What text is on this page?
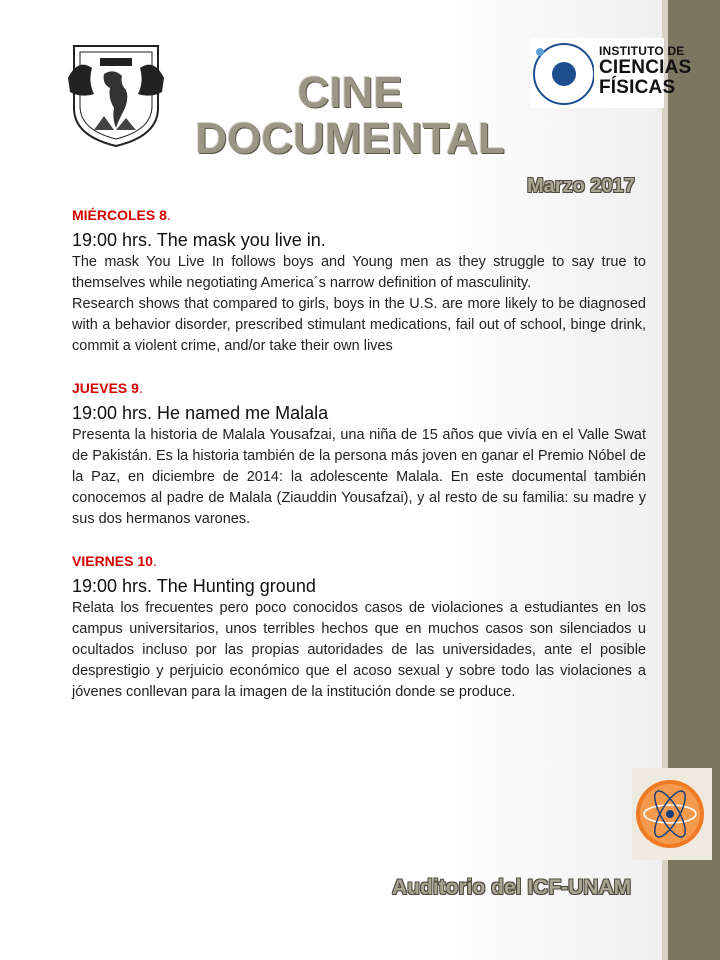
INSTITUTO DE
CIENCIAS
FÍSICAS
CINE
DOCUMENTAL
Marzo 2017
MIÉRCOLES 8.
19:00 hrs. The mask you live in.

The mask You Live In follows boys and Young men as they struggle to say true to themselves while negotiating America´s narrow definition of masculinity.

Research shows that compared to girls, boys in the U.S. are more likely to be diagnosed with a behavior disorder, prescribed stimulant medications, fail out of school, binge drink, commit a violent crime, and/or take their own lives

JUEVES 9.
19:00 hrs. He named me Malala

Presenta la historia de Malala Yousafzai, una niña de 15 años que vivía en el Valle Swat de Pakistán. Es la historia también de la persona más joven en ganar el Premio Nóbel de la Paz, en diciembre de 2014: la adolescente Malala. En este documental también conocemos al padre de Malala (Ziauddin Yousafzai), y al resto de su familia: su madre y sus dos hermanos varones.

VIERNES 10.
19:00 hrs. The Hunting ground

Relata los frecuentes pero poco conocidos casos de violaciones a estudiantes en los campus universitarios, unos terribles hechos que en muchos casos son silenciados u ocultados incluso por las propias autoridades de las universidades, ante el posible desprestigio y perjuicio económico que el acoso sexual y sobre todo las violaciones a jóvenes conllevan para la imagen de la institución donde se produce.

Auditorio del ICF-UNAM
